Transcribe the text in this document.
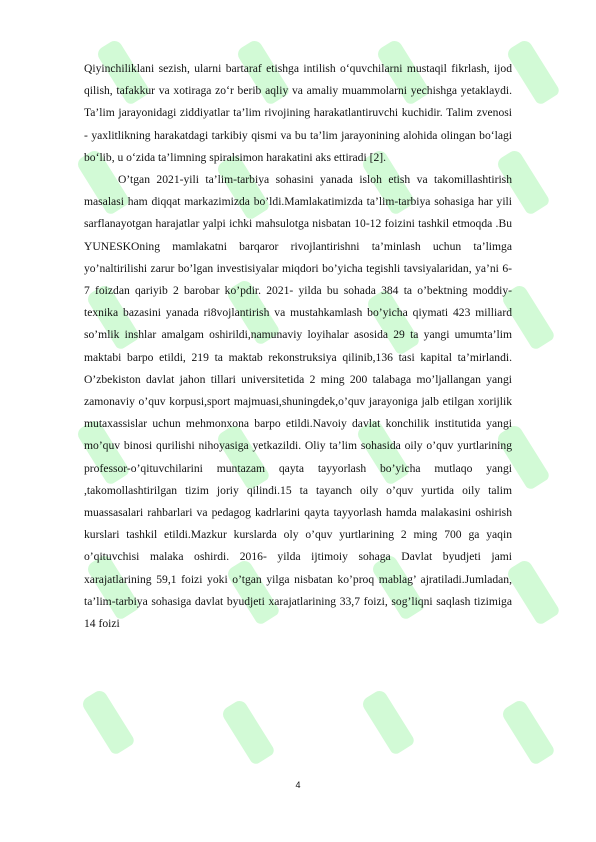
Qiyinchiliklani sezish, ularni bartaraf etishga intilish o‘quvchilarni mustaqil fikrlash, ijod qilish, tafakkur va xotiraga zo‘r berib aqliy va amaliy muammolarni yechishga yetaklaydi. Ta’lim jarayonidagi ziddiyatlar ta’lim rivojining harakatlantiruvchi kuchidir. Talim zvenosi - yaxlitlikning harakatdagi tarkibiy qismi va bu ta’lim jarayonining alohida olingan bo‘lagi bo‘lib, u o‘zida ta’limning spiralsimon harakatini aks ettiradi [2].

O’tgan 2021-yili ta’lim-tarbiya sohasini yanada isloh etish va takomillashtirish masalasi ham diqqat markazimizda bo’ldi.Mamlakatimizda ta’lim-tarbiya sohasiga har yili sarflanayotgan harajatlar yalpi ichki mahsulotga nisbatan 10-12 foizini tashkil etmoqda .Bu YUNESKOning mamlakatni barqaror rivojlantirishni ta’minlash uchun ta’limga yo’naltirilishi zarur bo’lgan investisiyalar miqdori bo’yicha tegishli tavsiyalaridan, ya’ni 6-7 foizdan qariyib 2 barobar ko’pdir. 2021- yilda bu sohada 384 ta o’bektning moddiy-texnika bazasini yanada ri8vojlantirish va mustahkamlash bo’yicha qiymati 423 milliard so’mlik inshlar amalgam oshirildi,namunaviy loyihalar asosida 29 ta yangi umumta’lim maktabi barpo etildi, 219 ta maktab rekonstruksiya qilinib,136 tasi kapital ta’mirlandi. O’zbekiston davlat jahon tillari universitetida 2 ming 200 talabaga mo’ljallangan yangi zamonaviy o’quv korpusi,sport majmuasi,shuningdek,o’quv jarayoniga jalb etilgan xorijlik mutaxassislar uchun mehmonxona barpo etildi.Navoiy davlat konchilik institutida yangi mo’quv binosi qurilishi nihoyasiga yetkazildi. Oliy ta’lim sohasida oily o’quv yurtlarining professor-o’qituvchilarini muntazam qayta tayyorlash bo’yicha mutlaqo yangi ,takomollashtirilgan tizim joriy qilindi.15 ta tayanch oily o’quv yurtida oily talim muassasalari rahbarlari va pedagog kadrlarini qayta tayyorlash hamda malakasini oshirish kurslari tashkil etildi.Mazkur kurslarda oly o’quv yurtlarining 2 ming 700 ga yaqin o’qituvchisi malaka oshirdi. 2016- yilda ijtimoiy sohaga Davlat byudjeti jami xarajatlarining 59,1 foizi yoki o’tgan yilga nisbatan ko’proq mablag’ ajratiladi.Jumladan, ta’lim-tarbiya sohasiga davlat byudjeti xarajatlarining 33,7 foizi, sog’liqni saqlash tizimiga 14 foizi

4
